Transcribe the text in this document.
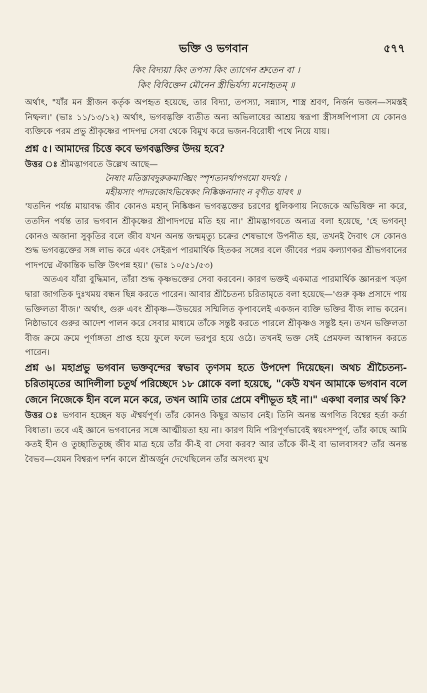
ভক্তি ও ভগবান	৫৭৭

কিং বিদ্যয়া কিং তপসা কিং ত্যাগেন শ্রুতেন বা ।
কিং বিবিক্তেন মৌনেন স্ত্রীভির্যস্য মনোহৃতম্‌ ॥

অর্থাৎ, "যাঁর মন স্ত্রীজন কর্তৃক অপহৃত হয়েছে, তার বিদ্যা, তপস্যা, সন্ন্যাস, শাস্ত্র শ্রবণ, নির্জন ভজন—সমস্তই নিষ্ফল।' (ভাঃ ১১/১৩/১২) অর্থাৎ, ভগবদ্ভক্তি ব্যতীত অন্য অভিলাষের আশ্রয় স্বরূপা স্ত্রীসঙ্গপিপাসা যে কোনও ব্যক্তিকে পরম প্রভু শ্রীকৃষ্ণের পাদপদ্ম সেবা থেকে বিমুখ করে ভজন-বিরোধী পথে নিয়ে যায়।

প্রশ্ন ৫। আমাদের চিত্তে কবে ভগবদ্ভক্তির উদয় হবে?

উত্তর ঃ শ্রীমদ্ভাগবতে উল্লেখ আছে—

নৈষাং মতিস্তাবদুরুক্রমাঙ্ঘ্রিং স্পৃশত্যনর্থাপগমো যদর্থঃ ।
মহীয়সাং পাদরজোঽভিষেকং নিষ্কিঞ্চনানাং ন বৃণীত যাবৎ ॥

'যতদিন পর্যন্ত মায়াবদ্ধ জীব কোনও মহান্‌ নিষ্কিঞ্চন ভগবদ্ভক্তের চরণের ধুলিকণায় নিজেকে অভিষিক্ত না করে, ততদিন পর্যন্ত তার ভগবান শ্রীকৃষ্ণের শ্রীপাদপদ্মে মতি হয় না।' শ্রীমদ্ভাগবতে অন্যত্র বলা হয়েছে, 'হে ভগবন্‌! কোনও অজানা সুকৃতির বলে জীব যখন অনন্ত জন্মমৃত্যু চক্রের শেষভাগে উপনীত হয়, তখনই দৈবাৎ সে কোনও শুদ্ধ ভগবদ্ভক্তের সঙ্গ লাভ করে এবং সেইরূপ পারমার্থিক হিতকর সঙ্গের বলে জীবের পরম কল্যাণকর শ্রীভগবানের পাদপদ্মে ঐকান্তিক ভক্তি উৎপন্ন হয়।' (ভাঃ ১০/৫১/৫৩)

অতএব যাঁরা বুদ্ধিমান, তাঁরা শুদ্ধ কৃষ্ণভক্তের সেবা করবেন। কারণ ভক্তই একমাত্র পারমার্থিক জ্ঞানরূপ খড়্গ দ্বারা জাগতিক দুঃখময় বন্ধন ছিন্ন করতে পারেন। আবার শ্রীচৈতন্য চরিতামৃতে বলা হয়েছে—'গুরু কৃষ্ণ প্রসাদে পায় ভক্তিলতা বীজ।' অর্থাৎ, গুরু এবং শ্রীকৃষ্ণ—উভয়ের সম্মিলিত কৃপাবলেই একজন ব্যক্তি ভক্তির বীজ লাভ করেন। নিষ্ঠাভাবে গুরুর আদেশ পালন করে সেবার মাধ্যমে তাঁকে সন্তুষ্ট করতে পারলে শ্রীকৃষ্ণও সন্তুষ্ট হন। তখন ভক্তিলতা বীজ ক্রমে ক্রমে পূর্ণাঙ্গতা প্রাপ্ত হয়ে ফুলে ফলে ভরপুর হয়ে ওঠে। তখনই ভক্ত সেই প্রেমফল আস্বাদন করতে পারেন।

প্রশ্ন ৬। মহাপ্রভু ভগবান ভক্তবৃন্দের স্বভাব তৃণসম হতে উপদেশ দিয়েছেন। অথচ শ্রীচৈতন্য-চরিতামৃতের আদিলীলা চতুর্থ পরিচ্ছেদে ১৮ শ্লোকে বলা হয়েছে, "কেউ যখন আমাকে ভগবান বলে জেনে নিজেকে হীন বলে মনে করে, তখন আমি তার প্রেমে বশীভূত হই না।" একথা বলার অর্থ কি?

উত্তর ঃ ভগবান হচ্ছেন ষড় ঐশ্বর্যপূর্ণ। তাঁর কোনও কিছুর অভাব নেই। তিনি অনন্ত অগণিত বিশ্বের হর্তা কর্তা বিধাতা। তবে এই জ্ঞানে ভগবানের সঙ্গে আত্মীয়তা হয় না। কারণ যিনি পরিপূর্ণভাবেই স্বয়ংসম্পূর্ণ, তাঁর কাছে আমি কতই হীন ও তুচ্ছাতিতুচ্ছ জীব মাত্র হয়ে তাঁর কী-ই বা সেবা করব? আর তাঁকে কী-ই বা ভালবাসব? তাঁর অনন্ত বৈভব—যেমন বিশ্বরূপ দর্শন কালে শ্রীঅর্জুন দেখেছিলেন তাঁর অসংখ্য মুখ
